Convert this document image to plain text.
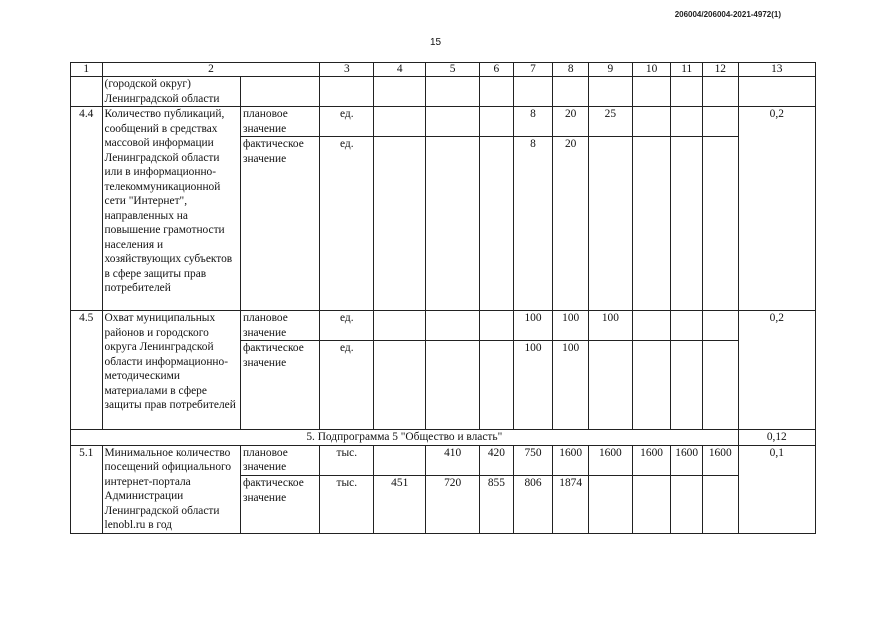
206004/206004-2021-4972(1)
15
1	2		3	4	5	6	7	8	9	10	11	12	13
	(городской округ) Ленинградской области												
4.4	Количество публикаций, сообщений в средствах массовой информации Ленинградской области или в информационно-телекоммуникационной сети "Интернет", направленных на повышение грамотности населения и хозяйствующих субъектов в сфере защиты прав потребителей	плановое значение	ед.				8	20	25				0,2
		фактическое значение	ед.				8	20					
4.5	Охват муниципальных районов и городского округа Ленинградской области информационно-методическими материалами в сфере защиты прав потребителей	плановое значение	ед.				100	100	100				0,2
		фактическое значение	ед.				100	100					
5. Подпрограмма 5 "Общество и власть"													0,12
5.1	Минимальное количество посещений официального интернет-портала Администрации Ленинградской области lenobl.ru в год	плановое значение	тыс.		410	420	750	1600	1600	1600	1600	1600	0,1
		фактическое значение	тыс.	451	720	855	806	1874					
